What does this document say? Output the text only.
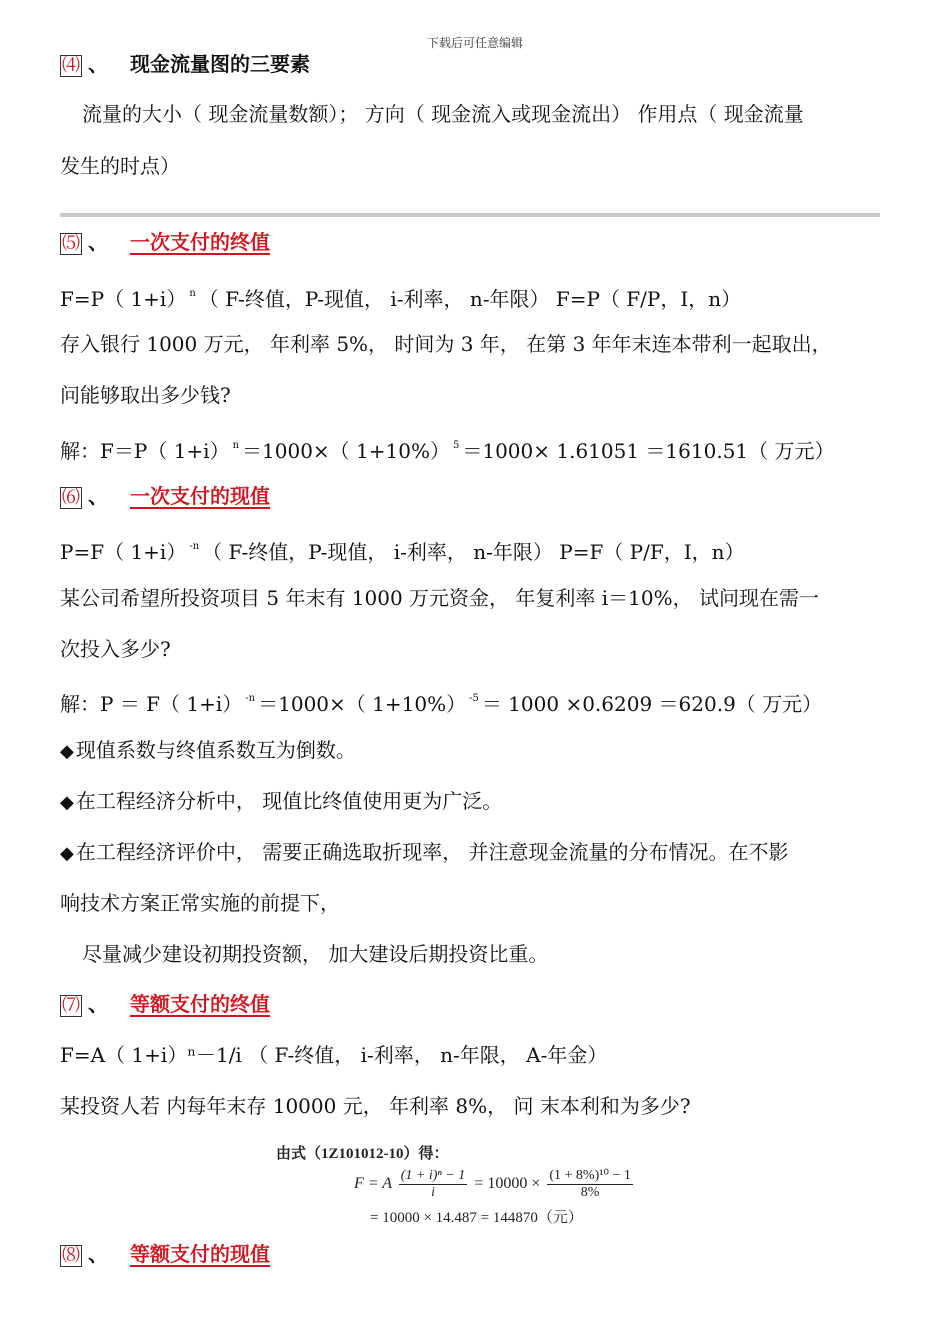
下载后可任意编辑
⑷ 、 现金流量图的三要素
流量的大小（ 现金流量数额）； 方向（ 现金流入或现金流出） 作用点（ 现金流量
发生的时点）
⑸ 、 一次支付的终值
F=P（ 1+i） $^n$ （ F-终值，P-现值， i-利率， n-年限） F=P（ F/P，I，n）
存入银行 1000 万元， 年利率 5%， 时间为 3 年， 在第 3 年年末连本带利一起取出，
问能够取出多少钱?
解：F＝P（ 1+i） $^n$ ＝1000×（ 1+10%） $^5$ ＝1000× 1.61051 ＝1610.51（ 万元）
⑹ 、 一次支付的现值
P=F（ 1+i） $^{-n}$ （ F-终值，P-现值， i-利率， n-年限） P=F（ P/F，I，n）
某公司希望所投资项目 5 年末有 1000 万元资金， 年复利率 i＝10%， 试问现在需一
次投入多少?
解：P ＝ F（ 1+i） $^{-n}$ ＝1000×（ 1+10%） $^{-5}$ ＝ 1000 ×0.6209 ＝620.9（ 万元）
◆ 现值系数与终值系数互为倒数。
◆ 在工程经济分析中， 现值比终值使用更为广泛。
◆ 在工程经济评价中， 需要正确选取折现率， 并注意现金流量的分布情况。在不影
响技术方案正常实施的前提下，
尽量减少建设初期投资额， 加大建设后期投资比重。
⑺ 、 等额支付的终值
F=A（ 1+i）ⁿ－1/i （ F-终值， i-利率， n-年限， A-年金）
某投资人若 内每年末存 10000 元， 年利率 8%， 问 末本利和为多少?
由式（1Z101012-10）得：
F = A $\frac{\text{(1 + i)ⁿ − 1}}{i} = 10000 \times \frac{\text{(1 + 8\%)¹⁰ − 1}}{8\%}$
= 10000 × 14.487 = 144870（元）
⑻ 、 等额支付的现值
